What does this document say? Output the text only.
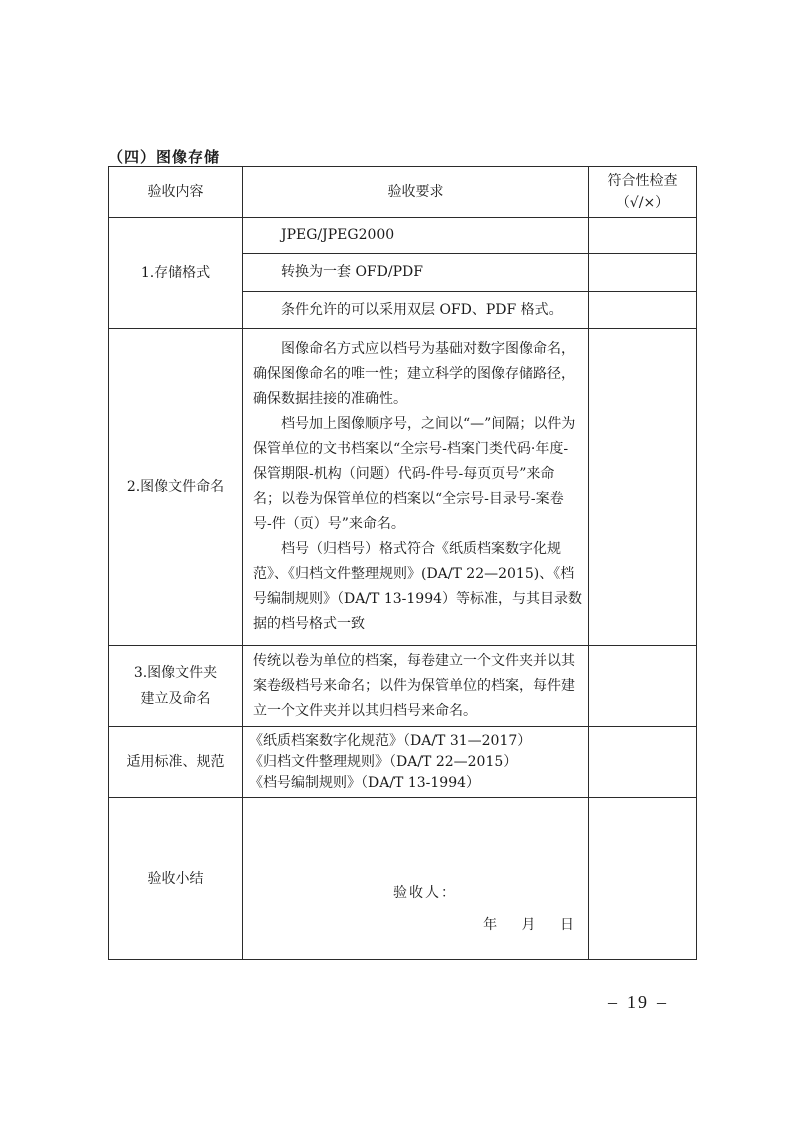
（四）图像存储
验收内容	验收要求	符合性检查
（√/×）

1.存储格式	JPEG/JPEG2000	
	转换为一套 OFD/PDF	
	条件允许的可以采用双层 OFD、PDF 格式。	
2.图像文件命名	图像命名方式应以档号为基础对数字图像命名，确保图像命名的唯一性；建立科学的图像存储路径，确保数据挂接的准确性。

档号加上图像顺序号，之间以“—”间隔；以件为保管单位的文书档案以“全宗号-档案门类代码·年度-保管期限-机构（问题）代码-件号-每页页号”来命名；以卷为保管单位的档案以“全宗号-目录号-案卷号-件（页）号”来命名。

档号（归档号）格式符合《纸质档案数字化规范》、《归档文件整理规则》(DA/T 22—2015)、《档号编制规则》（DA/T 13-1994）等标准，与其目录数据的档号格式一致	

3.图像文件夹
建立及命名	传统以卷为单位的档案，每卷建立一个文件夹并以其案卷级档号来命名；以件为保管单位的档案，每件建立一个文件夹并以其归档号来命名。	
适用标准、规范	《纸质档案数字化规范》（DA/T 31—2017）

《归档文件整理规则》（DA/T 22—2015）

《档号编制规则》（DA/T 13-1994）	

验收小结	验收人：
年 月 日	

– 19 –
